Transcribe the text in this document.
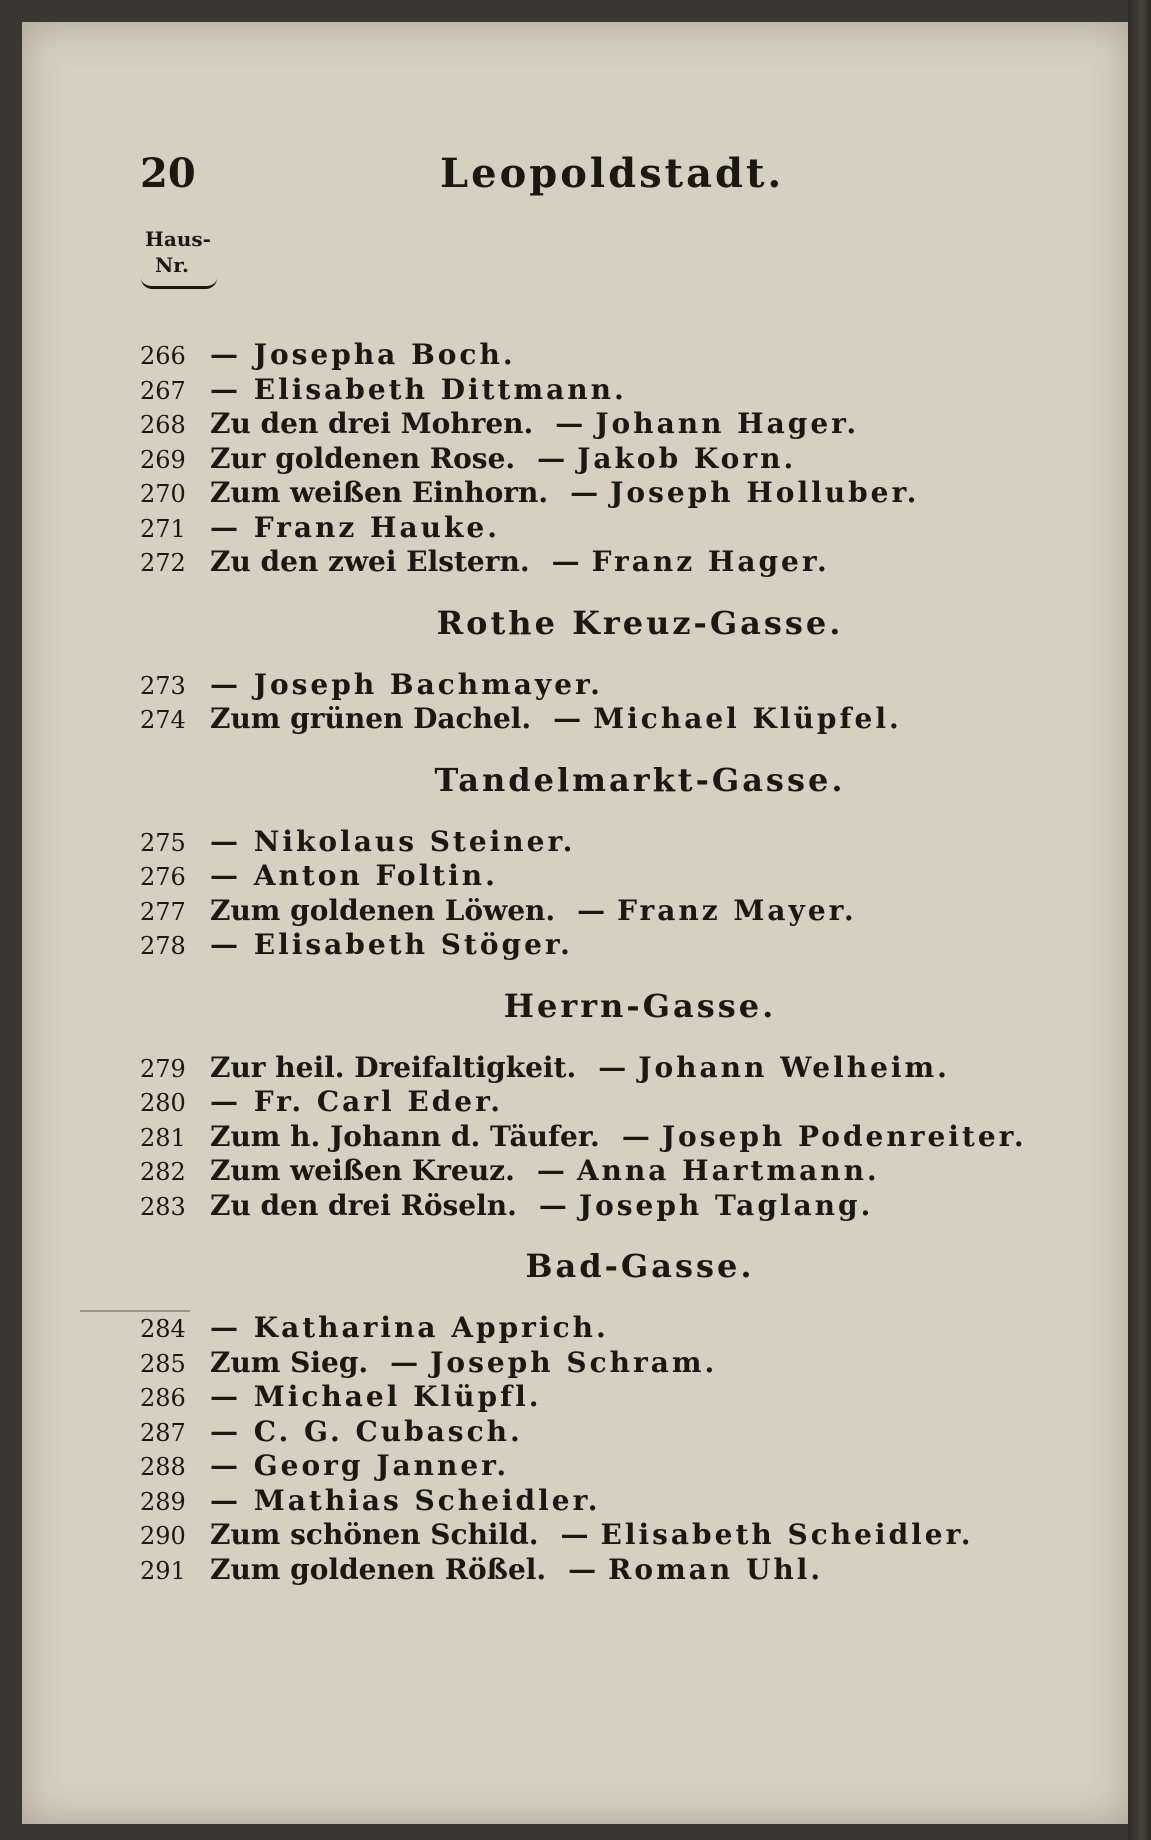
20	Leopoldstadt.
Haus-
Nr.
266 — Josepha Boch.
267 — Elisabeth Dittmann.
268 Zu den drei Mohren. — Johann Hager.
269 Zur goldenen Rose. — Jakob Korn.
270 Zum weißen Einhorn. — Joseph Holluber.
271 — Franz Hauke.
272 Zu den zwei Elstern. — Franz Hager.
Rothe Kreuz-Gasse.
273 — Joseph Bachmayer.
274 Zum grünen Dachel. — Michael Klüpfel.
Tandelmarkt-Gasse.
275 — Nikolaus Steiner.
276 — Anton Foltin.
277 Zum goldenen Löwen. — Franz Mayer.
278 — Elisabeth Stöger.
Herrn-Gasse.
279 Zur heil. Dreifaltigkeit. — Johann Welheim.
280 — Fr. Carl Eder.
281 Zum h. Johann d. Täufer. — Joseph Podenreiter.
282 Zum weißen Kreuz. — Anna Hartmann.
283 Zu den drei Röseln. — Joseph Taglang.
Bad-Gasse.
284 — Katharina Apprich.
285 Zum Sieg. — Joseph Schram.
286 — Michael Klüpfl.
287 — C. G. Cubasch.
288 — Georg Janner.
289 — Mathias Scheidler.
290 Zum schönen Schild. — Elisabeth Scheidler.
291 Zum goldenen Rößel. — Roman Uhl.
